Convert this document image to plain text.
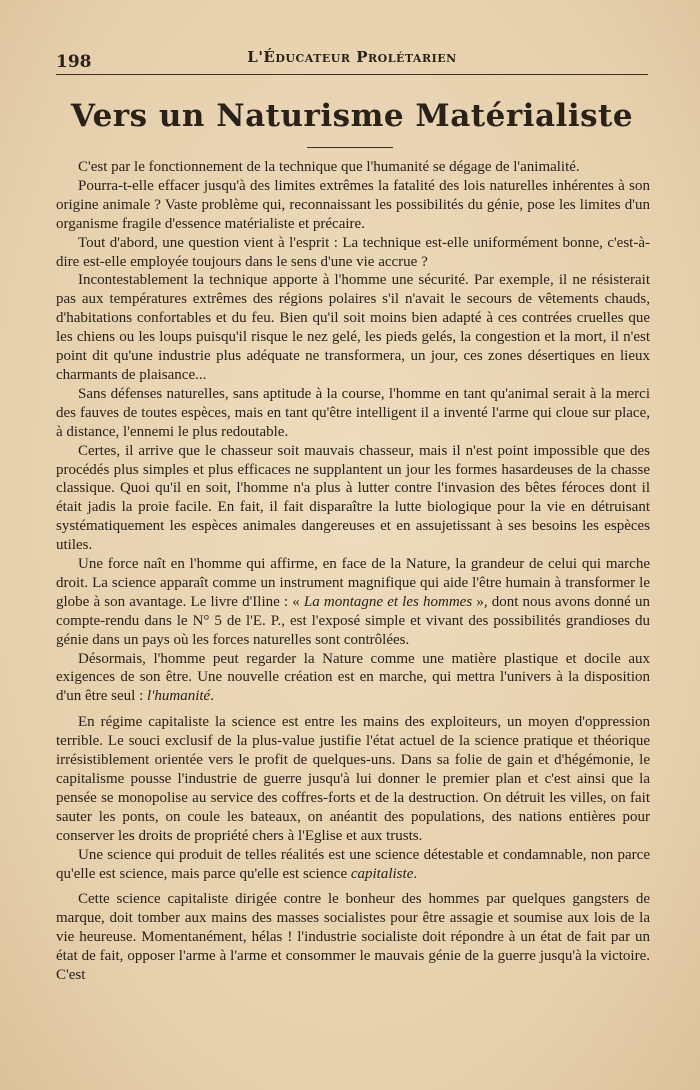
198	L'Éducateur Prolétarien
Vers un Naturisme Matérialiste

C'est par le fonctionnement de la technique que l'humanité se dégage de l'animalité.

Pourra-t-elle effacer jusqu'à des limites extrêmes la fatalité des lois naturelles inhérentes à son origine animale ? Vaste problème qui, reconnaissant les possibilités du génie, pose les limites d'un organisme fragile d'essence matérialiste et précaire.

Tout d'abord, une question vient à l'esprit : La technique est-elle uniformément bonne, c'est-à-dire est-elle employée toujours dans le sens d'une vie accrue ?

Incontestablement la technique apporte à l'homme une sécurité. Par exemple, il ne résisterait pas aux températures extrêmes des régions polaires s'il n'avait le secours de vêtements chauds, d'habitations confortables et du feu. Bien qu'il soit moins bien adapté à ces contrées cruelles que les chiens ou les loups puisqu'il risque le nez gelé, les pieds gelés, la congestion et la mort, il n'est point dit qu'une industrie plus adéquate ne transformera, un jour, ces zones désertiques en lieux charmants de plaisance...

Sans défenses naturelles, sans aptitude à la course, l'homme en tant qu'animal serait à la merci des fauves de toutes espèces, mais en tant qu'être intelligent il a inventé l'arme qui cloue sur place, à distance, l'ennemi le plus redoutable.

Certes, il arrive que le chasseur soit mauvais chasseur, mais il n'est point impossible que des procédés plus simples et plus efficaces ne supplantent un jour les formes hasardeuses de la chasse classique. Quoi qu'il en soit, l'homme n'a plus à lutter contre l'invasion des bêtes féroces dont il était jadis la proie facile. En fait, il fait disparaître la lutte biologique pour la vie en détruisant systématiquement les espèces animales dangereuses et en assujetissant à ses besoins les espèces utiles.

Une force naît en l'homme qui affirme, en face de la Nature, la grandeur de celui qui marche droit. La science apparaît comme un instrument magnifique qui aide l'être humain à transformer le globe à son avantage. Le livre d'Iline : « La montagne et les hommes », dont nous avons donné un compte-rendu dans le N° 5 de l'E. P., est l'exposé simple et vivant des possibilités grandioses du génie dans un pays où les forces naturelles sont contrôlées.

Désormais, l'homme peut regarder la Nature comme une matière plastique et docile aux exigences de son être. Une nouvelle création est en marche, qui mettra l'univers à la disposition d'un être seul : l'humanité.

En régime capitaliste la science est entre les mains des exploiteurs, un moyen d'oppression terrible. Le souci exclusif de la plus-value justifie l'état actuel de la science pratique et théorique irrésistiblement orientée vers le profit de quelques-uns. Dans sa folie de gain et d'hégémonie, le capitalisme pousse l'industrie de guerre jusqu'à lui donner le premier plan et c'est ainsi que la pensée se monopolise au service des coffres-forts et de la destruction. On détruit les villes, on fait sauter les ponts, on coule les bateaux, on anéantit des populations, des nations entières pour conserver les droits de propriété chers à l'Eglise et aux trusts.

Une science qui produit de telles réalités est une science détestable et condamnable, non parce qu'elle est science, mais parce qu'elle est science capitaliste.

Cette science capitaliste dirigée contre le bonheur des hommes par quelques gangsters de marque, doit tomber aux mains des masses socialistes pour être assagie et soumise aux lois de la vie heureuse. Momentanément, hélas ! l'industrie socialiste doit répondre à un état de fait par un état de fait, opposer l'arme à l'arme et consommer le mauvais génie de la guerre jusqu'à la victoire. C'est
